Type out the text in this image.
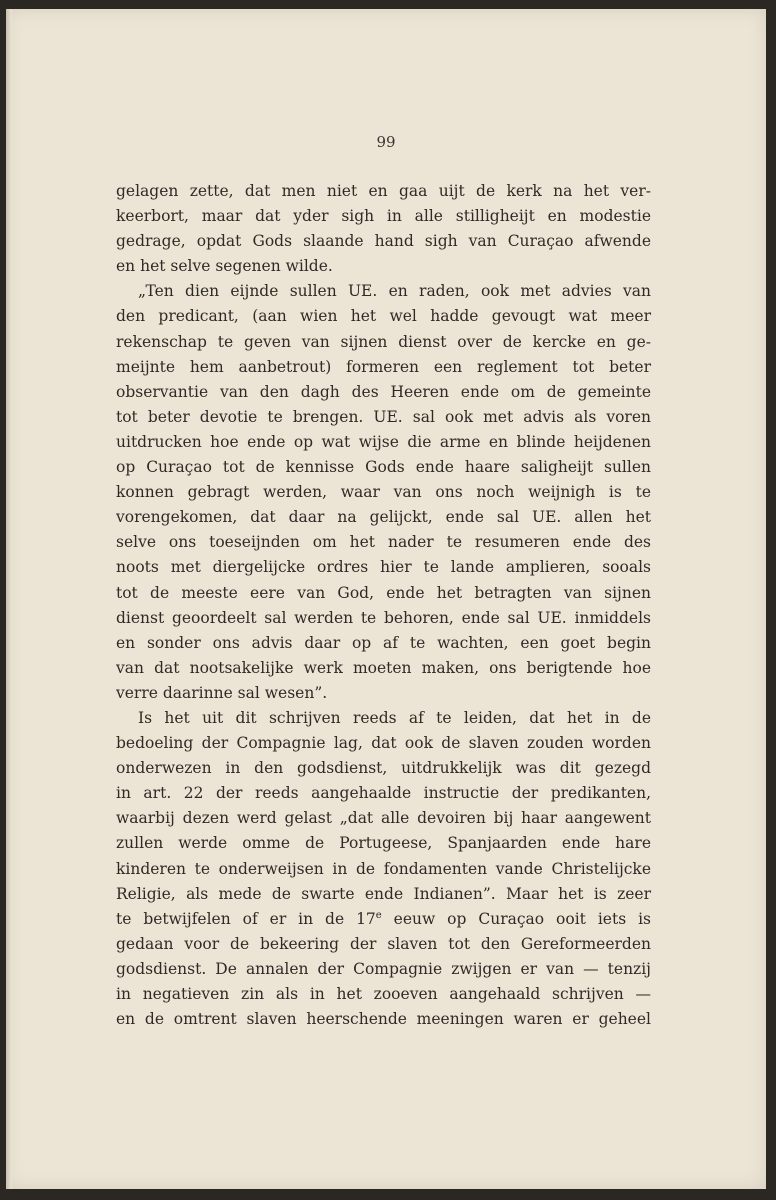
99
gelagen zette, dat men niet en gaa uijt de kerk na het ver-
keerbort, maar dat yder sigh in alle stilligheijt en modestie
gedrage, opdat Gods slaande hand sigh van Curaçao afwende
en het selve segenen wilde.
„Ten dien eijnde sullen UE. en raden, ook met advies van
den predicant, (aan wien het wel hadde gevougt wat meer
rekenschap te geven van sijnen dienst over de kercke en ge-
meijnte hem aanbetrout) formeren een reglement tot beter
observantie van den dagh des Heeren ende om de gemeinte
tot beter devotie te brengen. UE. sal ook met advis als voren
uitdrucken hoe ende op wat wijse die arme en blinde heijdenen
op Curaçao tot de kennisse Gods ende haare saligheijt sullen
konnen gebragt werden, waar van ons noch weijnigh is te
vorengekomen, dat daar na gelijckt, ende sal UE. allen het
selve ons toeseijnden om het nader te resumeren ende des
noots met diergelijcke ordres hier te lande amplieren, sooals
tot de meeste eere van God, ende het betragten van sijnen
dienst geoordeelt sal werden te behoren, ende sal UE. inmiddels
en sonder ons advis daar op af te wachten, een goet begin
van dat nootsakelijke werk moeten maken, ons berigtende hoe
verre daarinne sal wesen”.
Is het uit dit schrijven reeds af te leiden, dat het in de
bedoeling der Compagnie lag, dat ook de slaven zouden worden
onderwezen in den godsdienst, uitdrukkelijk was dit gezegd
in art. 22 der reeds aangehaalde instructie der predikanten,
waarbij dezen werd gelast „dat alle devoiren bij haar aangewent
zullen werde omme de Portugeese, Spanjaarden ende hare
kinderen te onderweijsen in de fondamenten vande Christelijcke
Religie, als mede de swarte ende Indianen”. Maar het is zeer
te betwijfelen of er in de 17e eeuw op Curaçao ooit iets is
gedaan voor de bekeering der slaven tot den Gereformeerden
godsdienst. De annalen der Compagnie zwijgen er van — tenzij
in negatieven zin als in het zooeven aangehaald schrijven —
en de omtrent slaven heerschende meeningen waren er geheel
